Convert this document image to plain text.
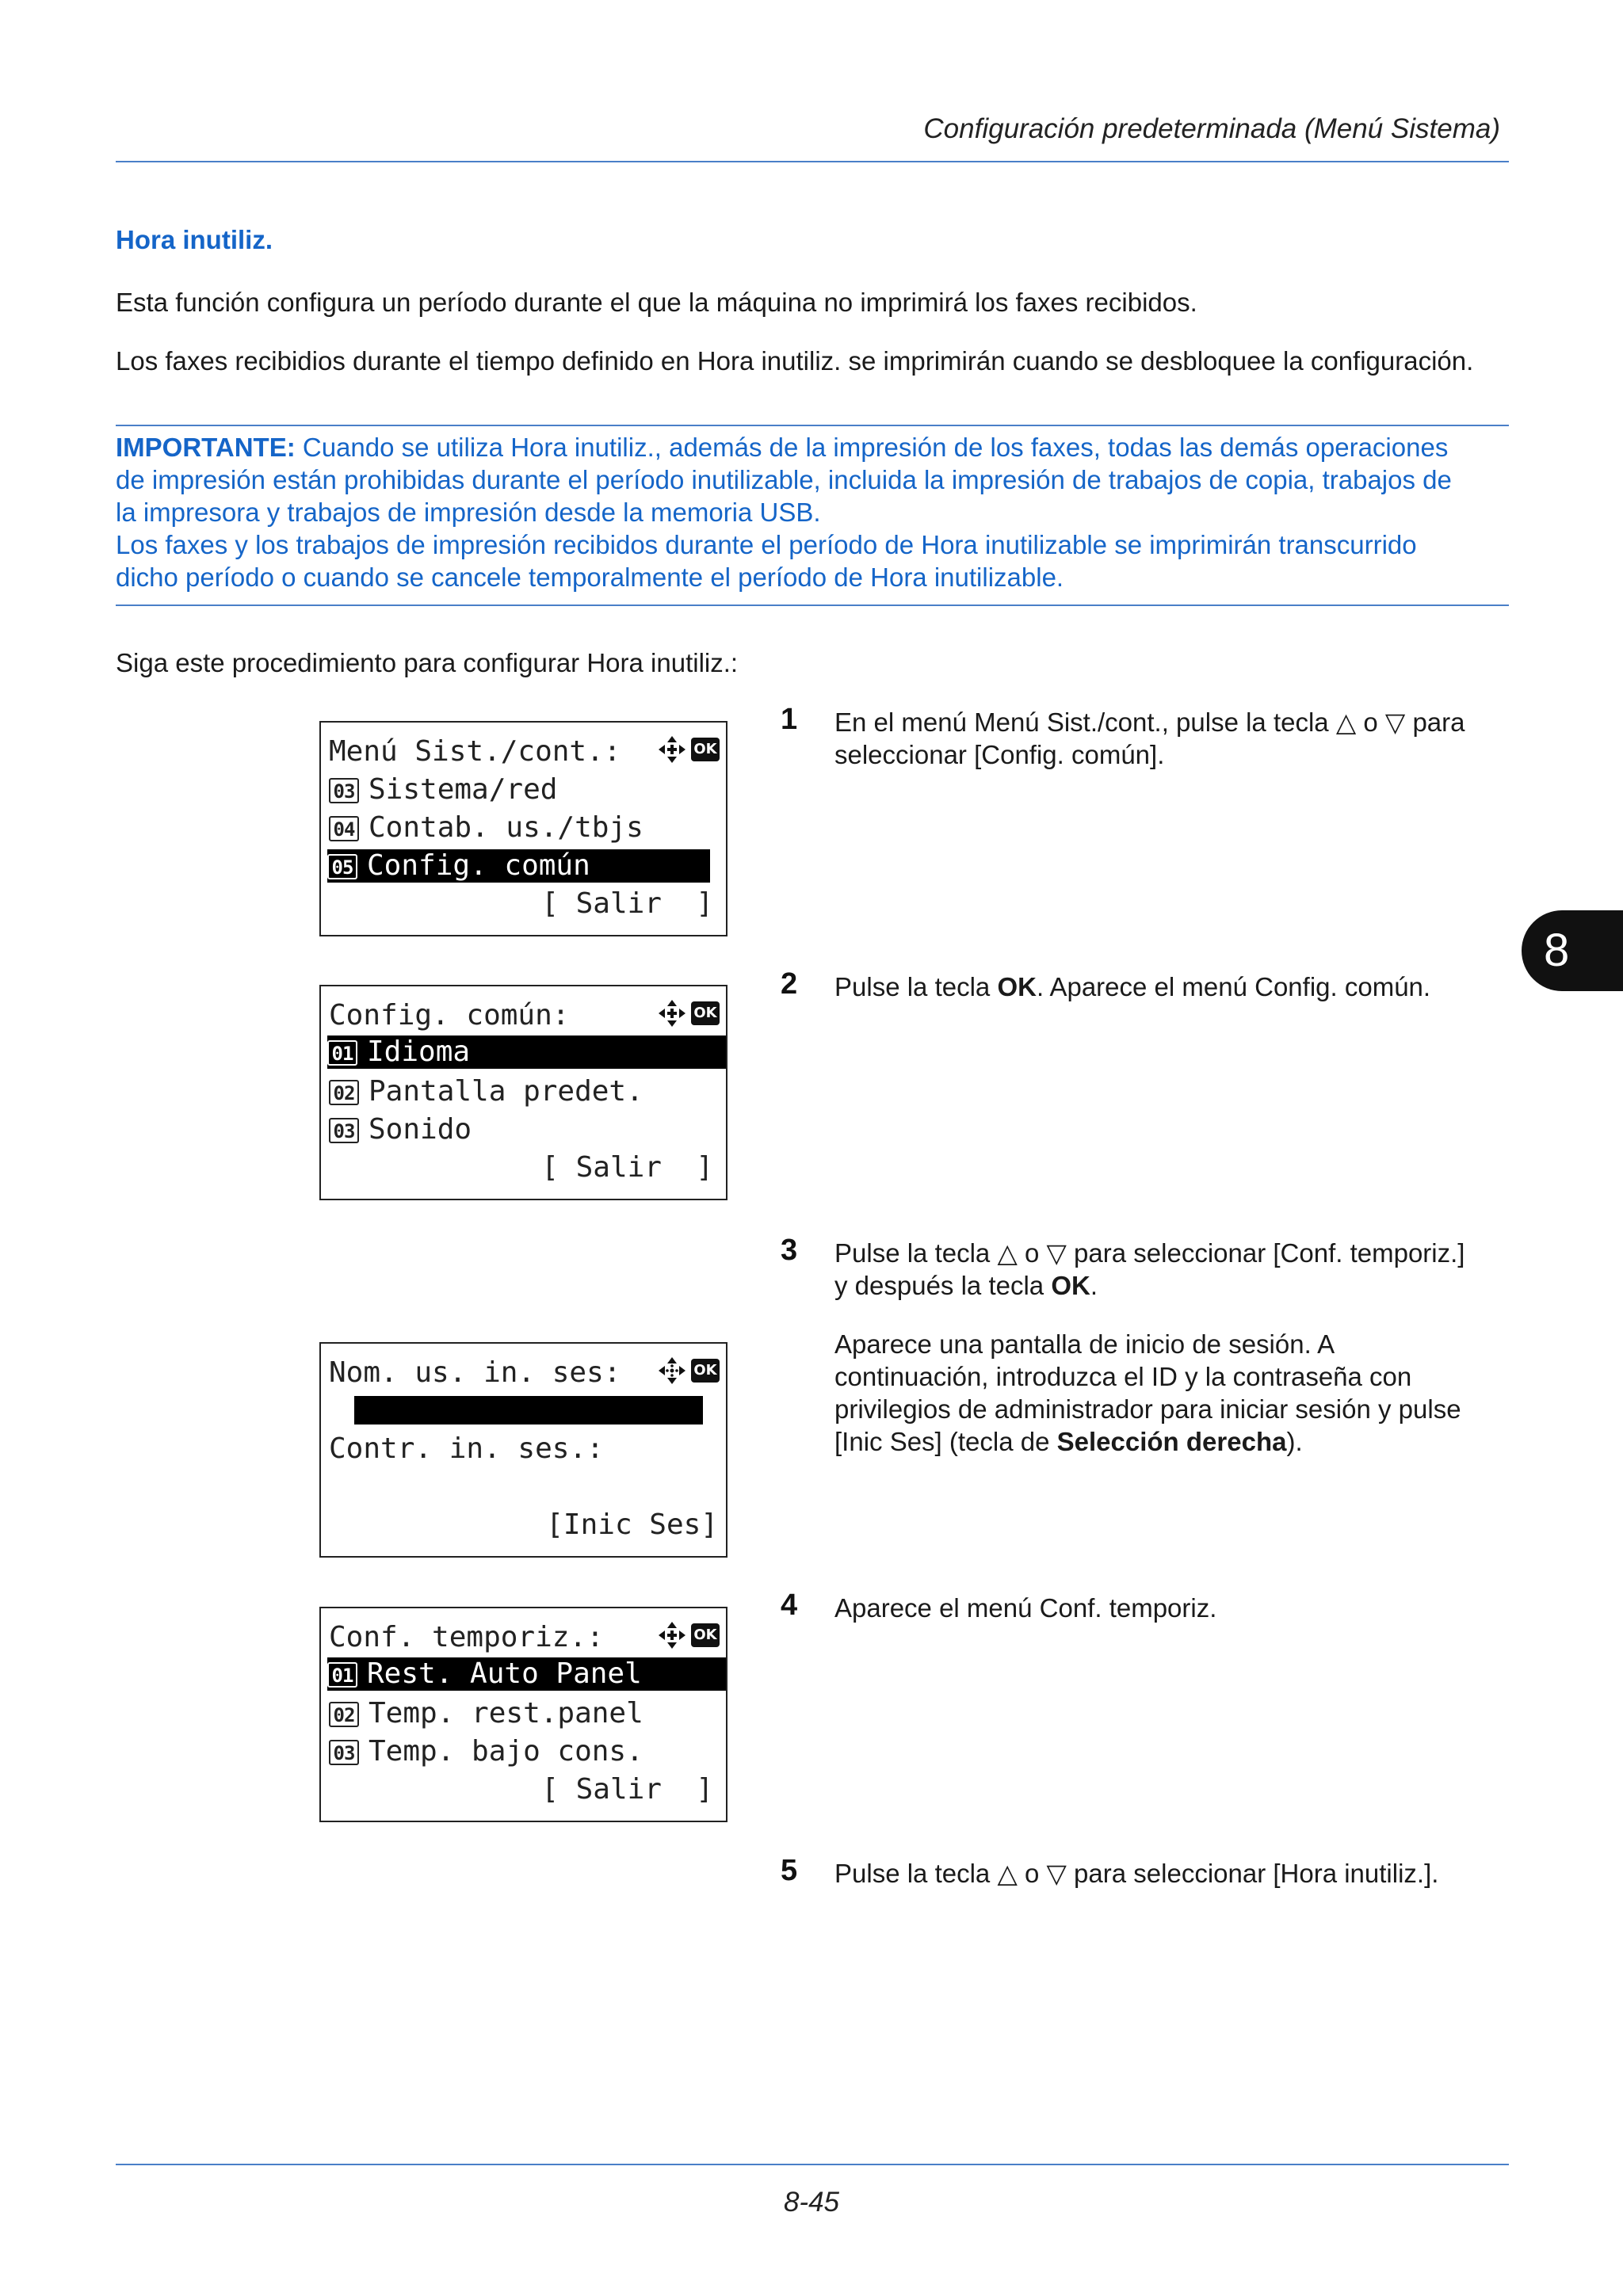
Configuración predeterminada (Menú Sistema)
8
Hora inutiliz.
Esta función configura un período durante el que la máquina no imprimirá los faxes recibidos.
Los faxes recibidios durante el tiempo definido en Hora inutiliz. se imprimirán cuando se desbloquee la configuración.
IMPORTANTE: Cuando se utiliza Hora inutiliz., además de la impresión de los faxes, todas las demás operaciones
de impresión están prohibidas durante el período inutilizable, incluida la impresión de trabajos de copia, trabajos de
la impresora y trabajos de impresión desde la memoria USB.
Los faxes y los trabajos de impresión recibidos durante el período de Hora inutilizable se imprimirán transcurrido
dicho período o cuando se cancele temporalmente el período de Hora inutilizable.
Siga este procedimiento para configurar Hora inutiliz.:
Menú Sist./cont.:	OK
03 Sistema/red
04 Contab. us./tbjs
05 Config. común
[ Salir  ]
Config. común:	OK
01 Idioma
02 Pantalla predet.
03 Sonido
[ Salir  ]
Nom. us. in. ses:	OK
Contr. in. ses.:
[Inic Ses]
Conf. temporiz.:	OK
01 Rest. Auto Panel
02 Temp. rest.panel
03 Temp. bajo cons.
[ Salir  ]
1 En el menú Menú Sist./cont., pulse la tecla △ o ▽ para
seleccionar [Config. común].
2 Pulse la tecla OK. Aparece el menú Config. común.
3 Pulse la tecla △ o ▽ para seleccionar [Conf. temporiz.]
y después la tecla OK.
Aparece una pantalla de inicio de sesión. A
continuación, introduzca el ID y la contraseña con
privilegios de administrador para iniciar sesión y pulse
[Inic Ses] (tecla de Selección derecha).
4 Aparece el menú Conf. temporiz.
5 Pulse la tecla △ o ▽ para seleccionar [Hora inutiliz.].
8-45
